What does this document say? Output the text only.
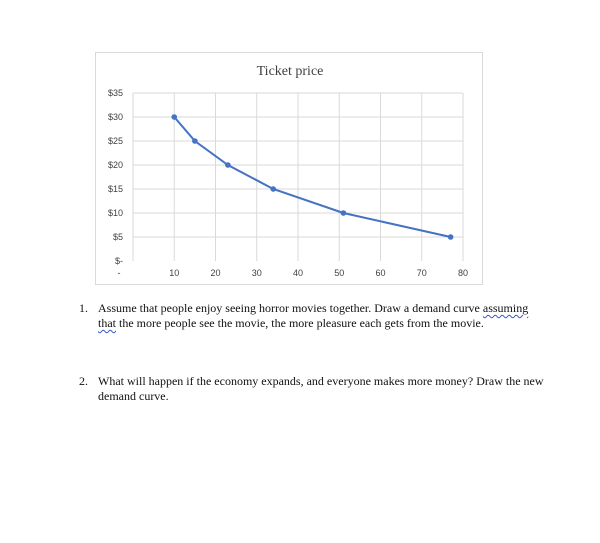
Ticket price
$-
$5
$10
$15
$20
$25
$30
$35
10	20	30	40	50	60	70	80
-
1. Assume that people enjoy seeing horror movies together. Draw a demand curve assuming
that the more people see the movie, the more pleasure each gets from the movie.
2. What will happen if the economy expands, and everyone makes more money? Draw the new demand curve.
